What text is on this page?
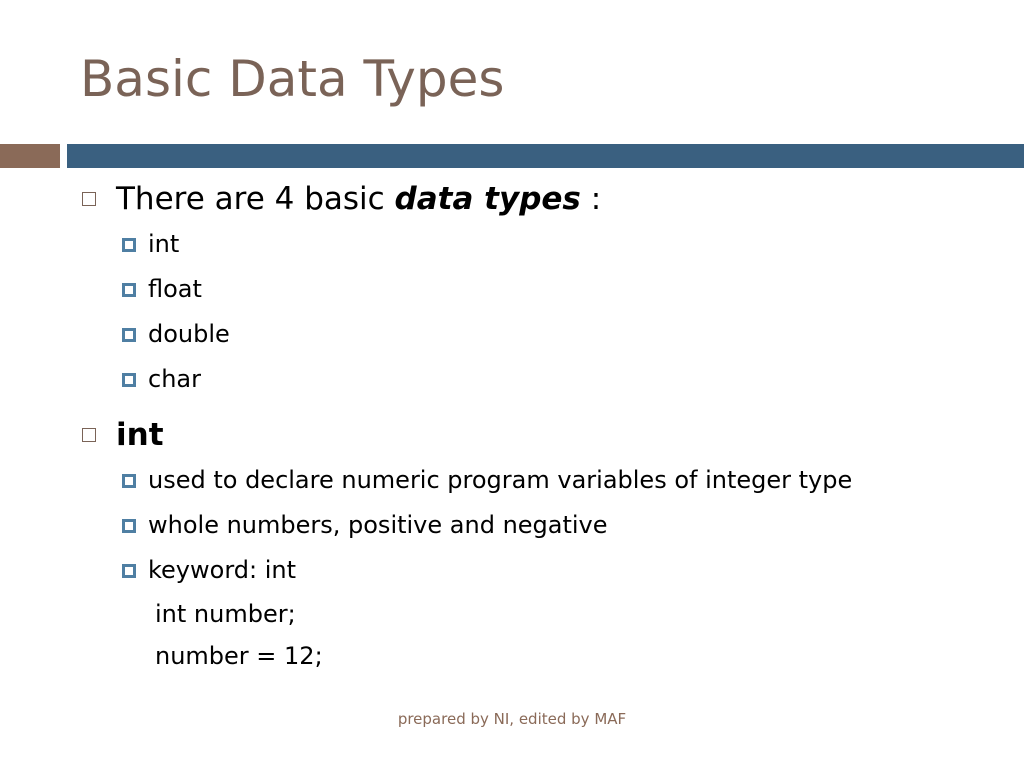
Basic Data Types
There are 4 basic data types :
int
float
double
char
int
used to declare numeric program variables of integer type
whole numbers, positive and negative
keyword: int
int number;
number = 12;
prepared by NI, edited by MAF
